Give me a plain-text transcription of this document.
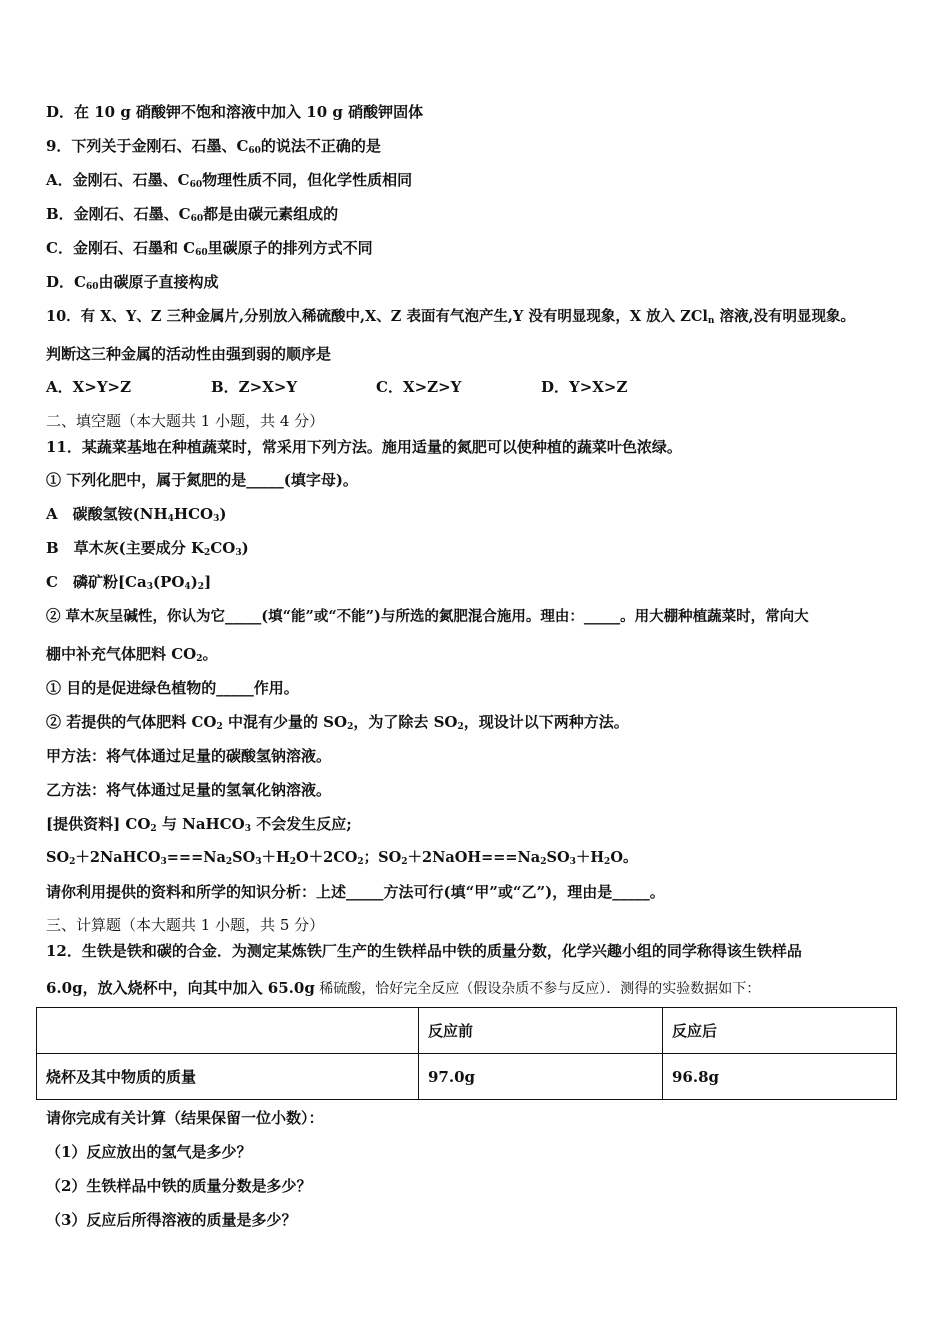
D．在 10 g 硝酸钾不饱和溶液中加入 10 g 硝酸钾固体
9．下列关于金刚石、石墨、$C_{60}$的说法不正确的是
A．金刚石、石墨、$C_{60}$物理性质不同，但化学性质相同
B．金刚石、石墨、$C_{60}$都是由碳元素组成的
C．金刚石、石墨和 $C_{60}$里碳原子的排列方式不同
D．$C_{60}$由碳原子直接构成
10．有 X、Y、Z 三种金属片,分别放入稀硫酸中,X、Z 表面有气泡产生,Y 没有明显现象，X 放入 ZCl$_n$ 溶液,没有明显现象。
判断这三种金属的活动性由强到弱的顺序是
A．X>Y>Z	B．Z>X>Y	C．X>Z>Y	D．Y>X>Z
二、填空题（本大题共 1 小题，共 4 分）
11．某蔬菜基地在种植蔬菜时，常采用下列方法。施用适量的氮肥可以使种植的蔬菜叶色浓绿。
① 下列化肥中，属于氮肥的是_____(填字母)。
A　碳酸氢铵$(NH_4HCO_3)$
B　草木灰(主要成分 $K_2CO_3$)
C　磷矿粉$[Ca_3(PO_4)_2]$
② 草木灰呈碱性，你认为它_____(填“能”或“不能”)与所选的氮肥混合施用。理由：_____。用大棚种植蔬菜时，常向大
棚中补充气体肥料 $CO_2$。
① 目的是促进绿色植物的_____作用。
② 若提供的气体肥料 $CO_2$ 中混有少量的 $SO_2$，为了除去 $SO_2$，现设计以下两种方法。
甲方法：将气体通过足量的碳酸氢钠溶液。
乙方法：将气体通过足量的氢氧化钠溶液。
[提供资料] $CO_2$ 与 NaHCO$_3$ 不会发生反应;
$SO_2+2NaHCO_3===Na_2SO_3+H_2O+2CO_2$；$SO_2+2NaOH===Na_2SO_3+H_2O$。
请你利用提供的资料和所学的知识分析：上述_____方法可行(填“甲”或“乙”)，理由是_____。
三、计算题（本大题共 1 小题，共 5 分）
12．生铁是铁和碳的合金．为测定某炼铁厂生产的生铁样品中铁的质量分数，化学兴趣小组的同学称得该生铁样品
6.0g，放入烧杯中，向其中加入 65.0g 稀硫酸，恰好完全反应（假设杂质不参与反应）．测得的实验数据如下：
	反应前	反应后
烧杯及其中物质的质量	97.0g	96.8g
请你完成有关计算（结果保留一位小数）：
（1）反应放出的氢气是多少？
（2）生铁样品中铁的质量分数是多少？
（3）反应后所得溶液的质量是多少？
